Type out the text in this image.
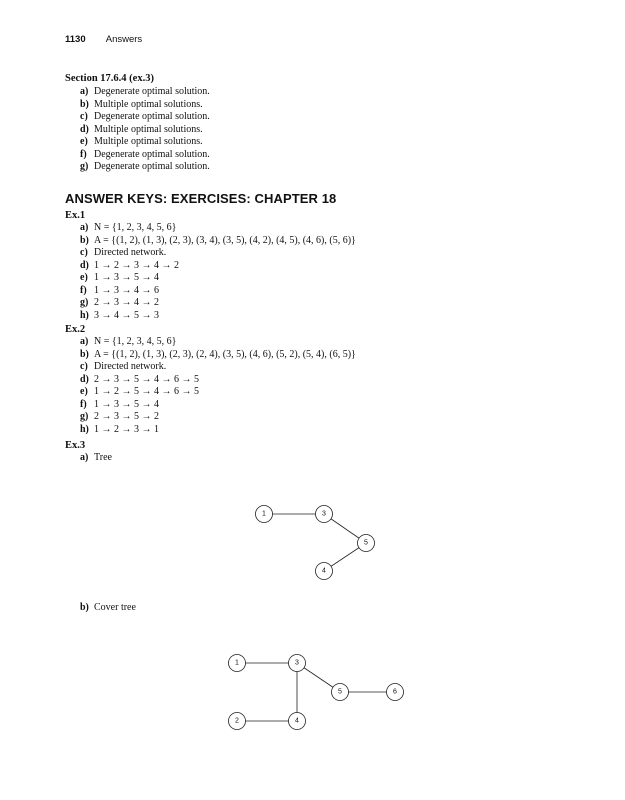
1130 Answers
Section 17.6.4 (ex.3)
a) Degenerate optimal solution.
b) Multiple optimal solutions.
c) Degenerate optimal solution.
d) Multiple optimal solutions.
e) Multiple optimal solutions.
f) Degenerate optimal solution.
g) Degenerate optimal solution.
ANSWER KEYS: EXERCISES: CHAPTER 18
Ex.1
a) N = {1, 2, 3, 4, 5, 6}
b) A = {(1, 2), (1, 3), (2, 3), (3, 4), (3, 5), (4, 2), (4, 5), (4, 6), (5, 6)}
c) Directed network.
d) 1 → 2 → 3 → 4 → 2
e) 1 → 3 → 5 → 4
f) 1 → 3 → 4 → 6
g) 2 → 3 → 4 → 2
h) 3 → 4 → 5 → 3
Ex.2
a) N = {1, 2, 3, 4, 5, 6}
b) A = {(1, 2), (1, 3), (2, 3), (2, 4), (3, 5), (4, 6), (5, 2), (5, 4), (6, 5)}
c) Directed network.
d) 2 → 3 → 5 → 4 → 6 → 5
e) 1 → 2 → 5 → 4 → 6 → 5
f) 1 → 3 → 5 → 4
g) 2 → 3 → 5 → 2
h) 1 → 2 → 3 → 1
Ex.3
a) Tree
1	3
5
4
b) Cover tree
1	3
5	6
2	4
